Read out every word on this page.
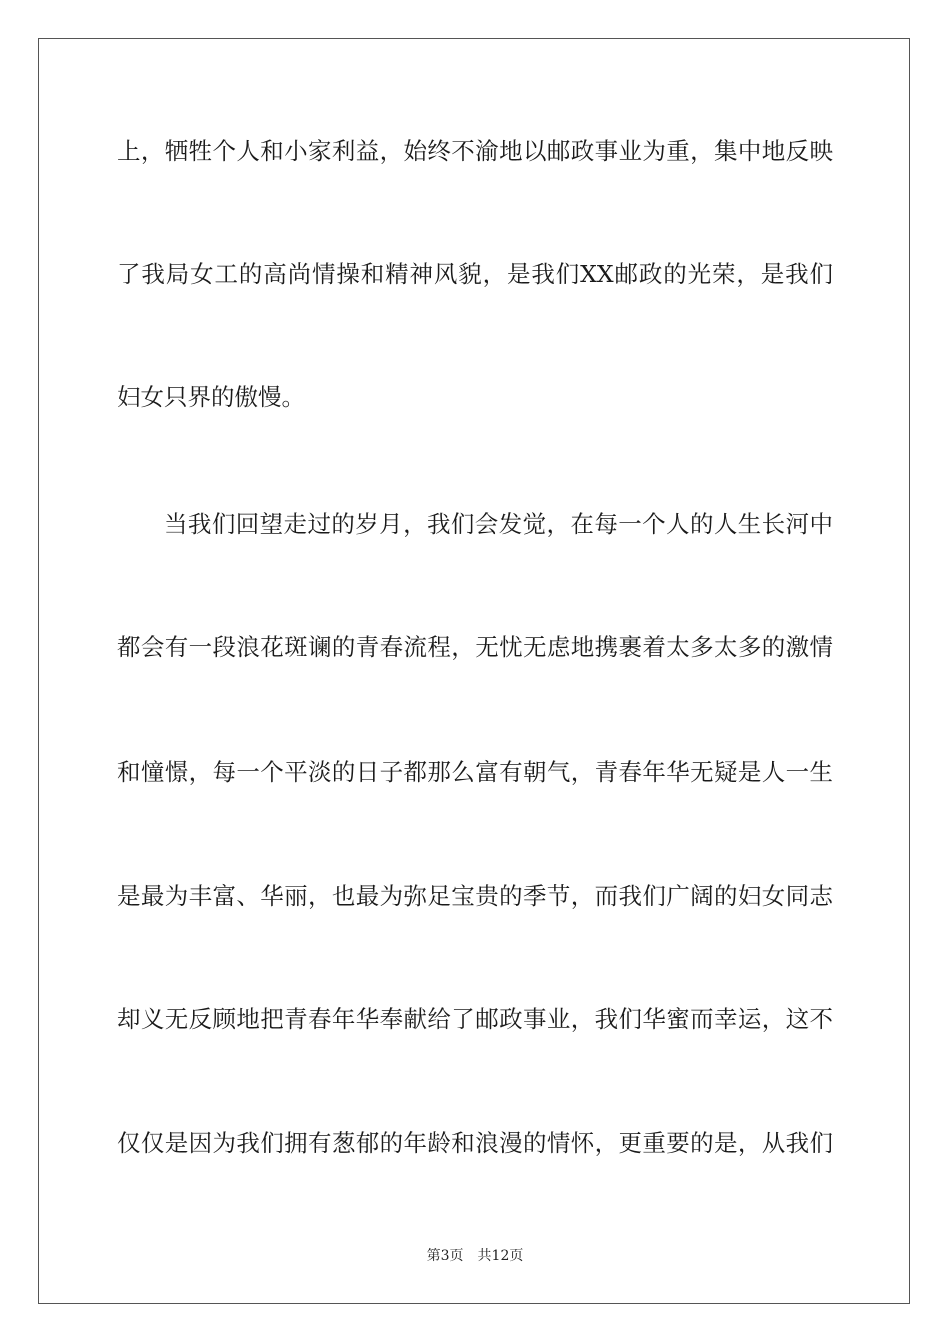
上，牺牲个人和小家利益，始终不渝地以邮政事业为重，集中地反映
了我局女工的高尚情操和精神风貌，是我们XX邮政的光荣，是我们
妇女只界的傲慢。
当我们回望走过的岁月，我们会发觉，在每一个人的人生长河中
都会有一段浪花斑谰的青春流程，无忧无虑地携裹着太多太多的激情
和憧憬，每一个平淡的日子都那么富有朝气，青春年华无疑是人一生
是最为丰富、华丽，也最为弥足宝贵的季节，而我们广阔的妇女同志
却义无反顾地把青春年华奉献给了邮政事业，我们华蜜而幸运，这不
仅仅是因为我们拥有葱郁的年龄和浪漫的情怀，更重要的是，从我们
第3页 共12页
